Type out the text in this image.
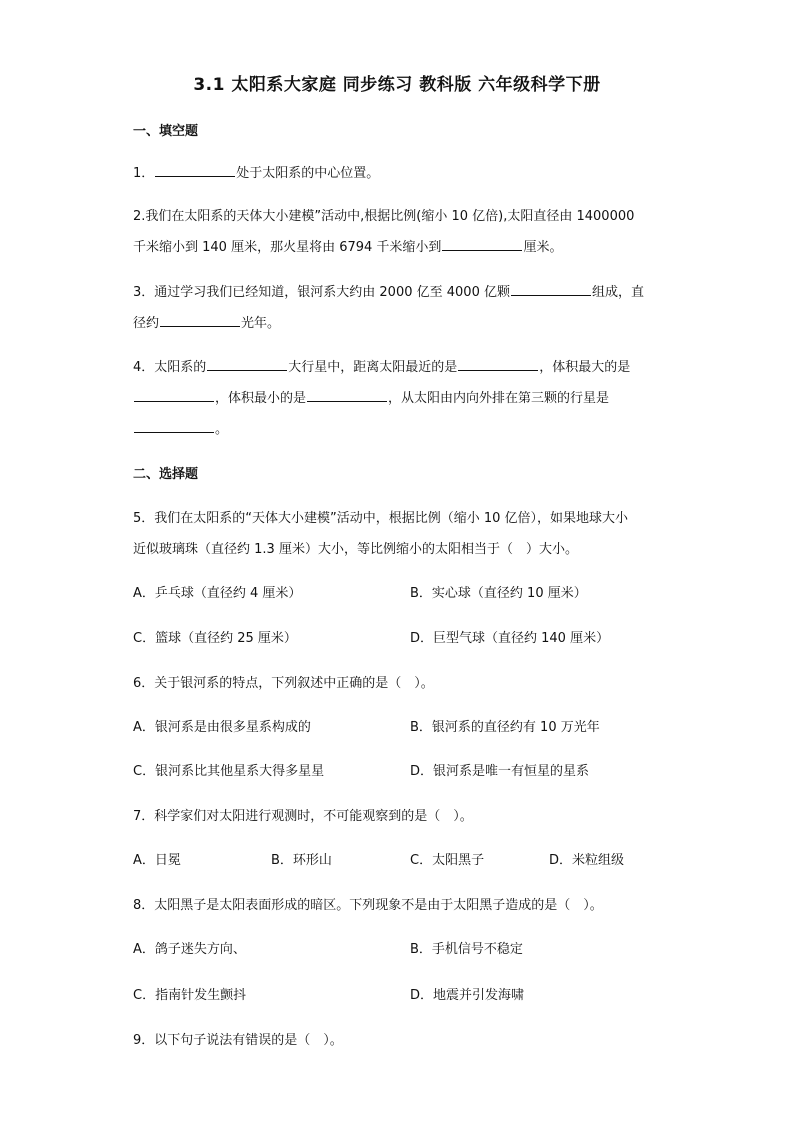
3.1 太阳系大家庭 同步练习 教科版 六年级科学下册
一、填空题
1．	处于太阳系的中心位置。
2.我们在太阳系的天体大小建模”活动中,根据比例(缩小 10 亿倍),太阳直径由 1400000
千米缩小到 140 厘米，那火星将由 6794 千米缩小到	厘米。
3．通过学习我们已经知道，银河系大约由 2000 亿至 4000 亿颗	组成，直
径约	光年。
4．太阳系的	大行星中，距离太阳最近的是	，体积最大的是
，体积最小的是	，从太阳由内向外排在第三颗的行星是
。
二、选择题
5．我们在太阳系的“天体大小建模”活动中，根据比例（缩小 10 亿倍），如果地球大小
近似玻璃珠（直径约 1.3 厘米）大小，等比例缩小的太阳相当于（　）大小。
A．乒乓球（直径约 4 厘米）	B．实心球（直径约 10 厘米）
C．篮球（直径约 25 厘米）	D．巨型气球（直径约 140 厘米）
6．关于银河系的特点，下列叙述中正确的是（　）。
A．银河系是由很多星系构成的	B．银河系的直径约有 10 万光年
C．银河系比其他星系大得多星星	D．银河系是唯一有恒星的星系
7．科学家们对太阳进行观测时，不可能观察到的是（　）。
A．日冕	B．环形山	C．太阳黑子	D．米粒组级
8．太阳黑子是太阳表面形成的暗区。下列现象不是由于太阳黑子造成的是（　）。
A．鸽子迷失方向、	B．手机信号不稳定
C．指南针发生颤抖	D．地震并引发海啸
9．以下句子说法有错误的是（　）。
